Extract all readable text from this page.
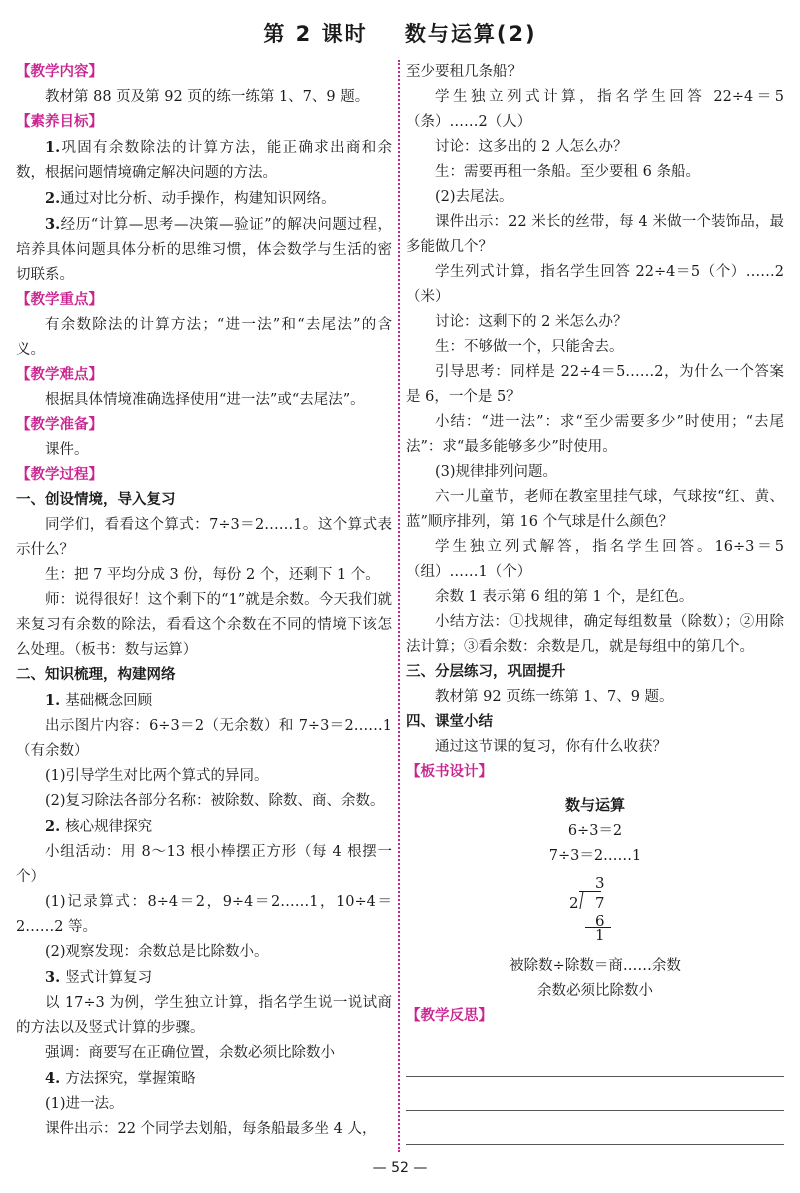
第 2 课时    数与运算(2)

【教学内容】

教材第 88 页及第 92 页的练一练第 1、7、9 题。

【素养目标】

1.巩固有余数除法的计算方法，能正确求出商和余数，根据问题情境确定解决问题的方法。

2.通过对比分析、动手操作，构建知识网络。

3.经历“计算—思考—决策—验证”的解决问题过程，培养具体问题具体分析的思维习惯，体会数学与生活的密切联系。

【教学重点】

有余数除法的计算方法；“进一法”和“去尾法”的含义。

【教学难点】

根据具体情境准确选择使用“进一法”或“去尾法”。

【教学准备】

课件。

【教学过程】

一、创设情境，导入复习

同学们，看看这个算式：7÷3＝2……1。这个算式表示什么？

生：把 7 平均分成 3 份，每份 2 个，还剩下 1 个。

师：说得很好！这个剩下的“1”就是余数。今天我们就来复习有余数的除法，看看这个余数在不同的情境下该怎么处理。（板书：数与运算）

二、知识梳理，构建网络

1. 基础概念回顾

出示图片内容：6÷3＝2（无余数）和 7÷3＝2……1（有余数）

(1)引导学生对比两个算式的异同。

(2)复习除法各部分名称：被除数、除数、商、余数。

2. 核心规律探究

小组活动：用 8～13 根小棒摆正方形（每 4 根摆一个）

(1)记录算式：8÷4＝2，9÷4＝2……1，10÷4＝2……2 等。

(2)观察发现：余数总是比除数小。

3. 竖式计算复习

以 17÷3 为例，学生独立计算，指名学生说一说试商的方法以及竖式计算的步骤。

强调：商要写在正确位置，余数必须比除数小

4. 方法探究，掌握策略

(1)进一法。

课件出示：22 个同学去划船，每条船最多坐 4 人，

至少要租几条船？

学生独立列式计算，指名学生回答 22÷4＝5（条）……2（人）

讨论：这多出的 2 人怎么办？

生：需要再租一条船。至少要租 6 条船。

(2)去尾法。

课件出示：22 米长的丝带，每 4 米做一个装饰品，最多能做几个？

学生列式计算，指名学生回答 22÷4＝5（个）……2（米）

讨论：这剩下的 2 米怎么办？

生：不够做一个，只能舍去。

引导思考：同样是 22÷4＝5……2，为什么一个答案是 6，一个是 5？

小结：“进一法”：求“至少需要多少”时使用；“去尾法”：求“最多能够多少”时使用。

(3)规律排列问题。

六一儿童节，老师在教室里挂气球，气球按“红、黄、蓝”顺序排列，第 16 个气球是什么颜色？

学生独立列式解答，指名学生回答。16÷3＝5（组）……1（个）

余数 1 表示第 6 组的第 1 个，是红色。

小结方法：①找规律，确定每组数量（除数）；②用除法计算；③看余数：余数是几，就是每组中的第几个。

三、分层练习，巩固提升

教材第 92 页练一练第 1、7、9 题。

四、课堂小结

通过这节课的复习，你有什么收获？

【板书设计】

数与运算
6÷3＝2
7÷3＝2……1
3
2 7
6
1
被除数÷除数＝商……余数
余数必须比除数小

【教学反思】

— 52 —
